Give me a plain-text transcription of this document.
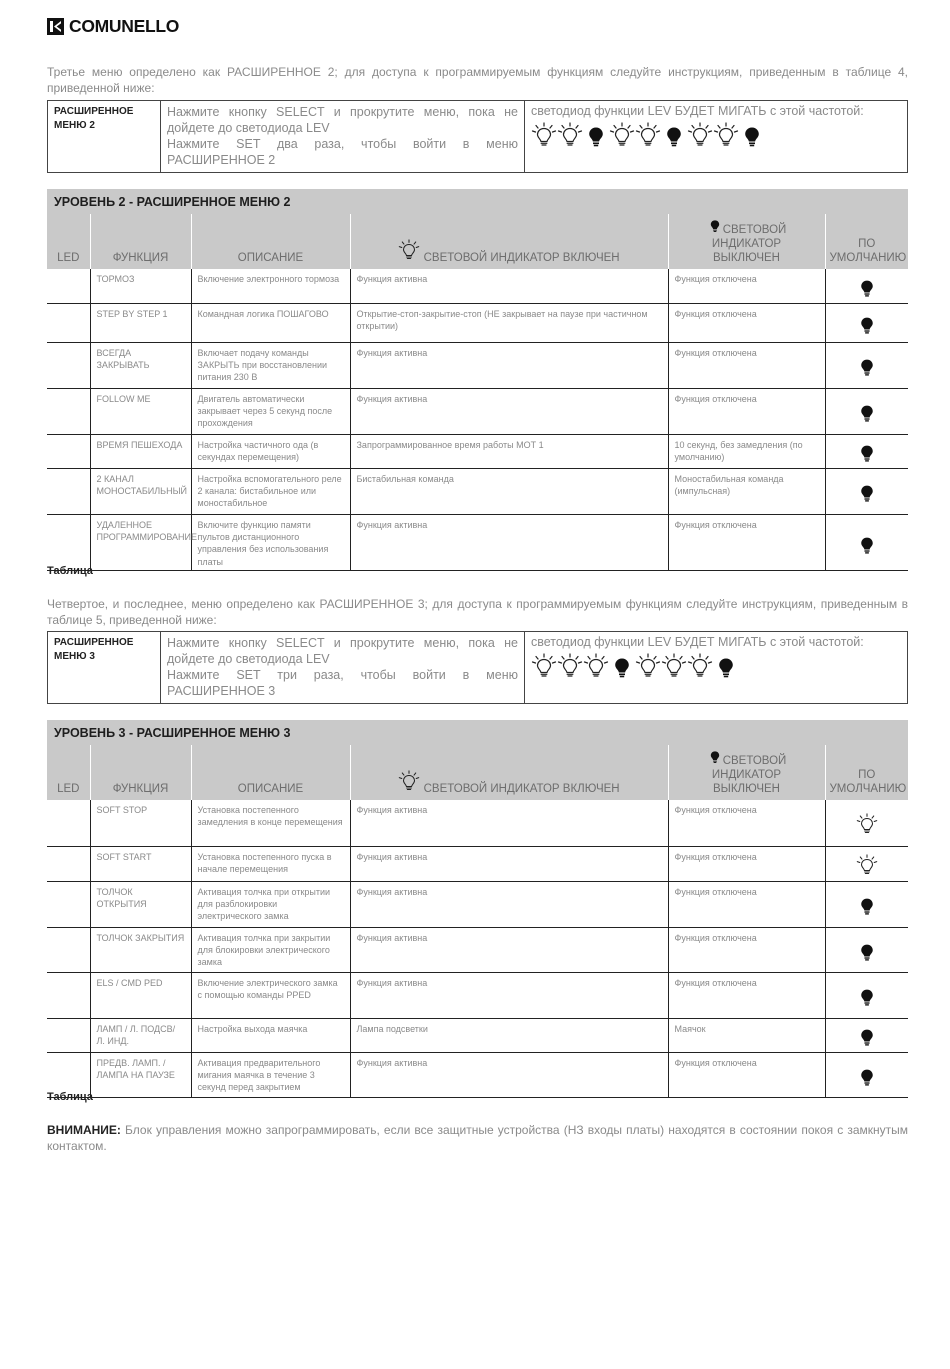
COMUNELLO
Третье меню определено как РАСШИРЕННОЕ 2; для доступа к программируемым функциям следуйте инструкциям, приведенным в таблице 4, приведенной ниже:
РАСШИРЕННОЕ
МЕНЮ 2
Нажмите кнопку SELECT и прокрутите меню, пока не
дойдете до светодиода LEV
Нажмите SET два раза, чтобы войти в меню
РАСШИРЕННОЕ 2
светодиод функции LEV БУДЕТ МИГАТЬ с этой частотой:
УРОВЕНЬ 2 - РАСШИРЕННОЕ МЕНЮ 2
LED	ФУНКЦИЯ	ОПИСАНИЕ	СВЕТОВОЙ ИНДИКАТОР ВКЛЮЧЕН	СВЕТОВОЙ ИНДИКАТОР
ВЫКЛЮЧЕН	ПО
УМОЛЧАНИЮ
	ТОРМОЗ	Включение электронного тормоза	Функция активна	Функция отключена	
	STEP BY STEP 1	Командная логика ПОШАГОВО	Открытие-стоп-закрытие-стоп (НЕ закрывает на паузе при частичном открытии)	Функция отключена	
	ВСЕГДА ЗАКРЫВАТЬ	Включает подачу команды ЗАКРЫТЬ при восстановлении питания 230 В	Функция активна	Функция отключена	
	FOLLOW ME	Двигатель автоматически закрывает через 5 секунд после прохождения	Функция активна	Функция отключена	
	ВРЕМЯ ПЕШЕХОДА	Настройка частичного ода (в секундах перемещения)	Запрограммированное время работы МОТ 1	10 секунд, без замедления (по умолчанию)	
	2 КАНАЛ МОНОСТАБИЛЬНЫЙ	Настройка вспомогательного реле 2 канала: бистабильное или моностабильное	Бистабильная команда	Моностабильная команда (импульсная)	
	УДАЛЕННОЕ ПРОГРАММИРОВАНИЕ	Включите функцию памяти пультов дистанционного управления без использования платы	Функция активна	Функция отключена	
Таблица
Четвертое, и последнее, меню определено как РАСШИРЕННОЕ 3; для доступа к программируемым функциям следуйте инструкциям, приведенным в таблице 5, приведенной ниже:
РАСШИРЕННОЕ
МЕНЮ 3
Нажмите кнопку SELECT и прокрутите меню, пока не
дойдете до светодиода LEV
Нажмите SET три раза, чтобы войти в меню
РАСШИРЕННОЕ 3
светодиод функции LEV БУДЕТ МИГАТЬ с этой частотой:
УРОВЕНЬ 3 - РАСШИРЕННОЕ МЕНЮ 3
LED	ФУНКЦИЯ	ОПИСАНИЕ	СВЕТОВОЙ ИНДИКАТОР ВКЛЮЧЕН	СВЕТОВОЙ ИНДИКАТОР
ВЫКЛЮЧЕН	ПО
УМОЛЧАНИЮ
	SOFT STOP	Установка постепенного замедления в конце перемещения	Функция активна	Функция отключена	
	SOFT START	Установка постепенного пуска в начале перемещения	Функция активна	Функция отключена	
	ТОЛЧОК ОТКРЫТИЯ	Активация толчка при открытии для разблокировки электрического замка	Функция активна	Функция отключена	
	ТОЛЧОК ЗАКРЫТИЯ	Активация толчка при закрытии для блокировки электрического замка	Функция активна	Функция отключена	
	ELS / CMD PED	Включение электрического замка с помощью команды PPED	Функция активна	Функция отключена	
	ЛАМП / Л. ПОДСВ/ Л. ИНД.	Настройка выхода маячка	Лампа подсветки	Маячок	
	ПРЕДВ. ЛАМП. / ЛАМПА НА ПАУЗЕ	Активация предварительного мигания маячка в течение 3 секунд перед закрытием	Функция активна	Функция отключена	
Таблица
ВНИМАНИЕ: Блок управления можно запрограммировать, если все защитные устройства (НЗ входы платы) находятся в состоянии покоя с замкнутым контактом.
